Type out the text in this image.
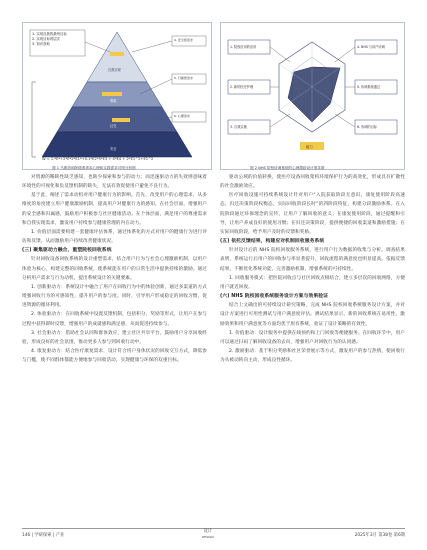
1. 实现自我的最终目标
2. 实现目标的层次
3. 知识获取
4. 安全感需求
5. 归属感需求
6. 心理需求
自我实现
尊重
社交
安全
1. 院校应用的应用
2. 新的医疗护理
3. 自我实施
4. NHS 与用户协调
5. 协调系统通过
6. 协调的目标
能力
W = 1.*E*+2*E*2*E1*+0.1*E2*5*E3 + 4*E4 + 2*E1^2+E1^2
图 1 马斯洛和阿德弗需求心理和实践需求对照分析图	图 2 NHS 院校协调系统的心理激励设计需求图

对资源的稀缺性缺乏感知，也缺少探索和参与的动力；而迅速驱动力的失效则意味着环境性的可视化和负反馈机制的缺失，无法有效促使用户避免不良行为。

基于此，阐述了需求动机对用户健康行为的影响。首先，改变用户的心理需求，从多维度的角度建立用户健康激励机制，提高用户对健康行为的感知。在社会层面，增强用户的安全感和归属感，鼓励用户积极参与社区健康活动。在个体层面，满足用户的尊重需求和自我实现需求，激发用户持续参与健康管理的内在动力。

1. 价值层面需要构建一套健康评估体系，通过体系化的方式对用户的健康行为进行评估和反馈，从而激励用户持续改善健康状况。

(三) 聚集驱动力融合，重塑院校回收系统

针对回收设备回收系统的设计重塑需求，结合用户行为与社会心理激励机制，以用户体验为核心，构建完整的回收系统，使系统能在用户的日常生活中提供持续的激励。通过分析用户需求与行为动机，提出系统设计的关键要素。

1. 创新驱动力：系统设计中融合了用户在回收行为中的体验创新，通过多渠道的方式增强回收行为的可感知性，提升用户的参与度。同时，引导用户形成稳定的回收习惯，促进资源的循环利用。

2. 体验驱动力：在回收系统中设置反馈机制，包括积分、奖励等形式，让用户在参与过程中获得即时反馈，增强用户的成就感和满足感，从而促进持续参与。

3. 社会驱动力：借助社会认同和群体效应，建立社区共享平台，鼓励用户分享回收经验，形成良好的社会氛围，推动更多人参与到回收行动中。

4. 康复驱动力：结合医疗康复需求，设计符合用户身体状况的回收交互方式，降低参与门槛，使不同群体都能方便地参与回收活动，实现健康与环保的双重目标。

驱动公域的价值转换，使医疗设备回收架构环境保护行为的高效化，形成具有扩散性的社会激励效应。

医疗回收设施可持续系统设计针对用户“入院获取阶段无意识，康复使用阶段高速态，归还决策阶段权衡态，实际回收阶段长时”的四阶段特征，构建分段激励体系。在入院阶段通过环保理念的宣传，让用户了解回收的意义；在康复使用阶段，通过提醒和引导，让用户养成良好的使用习惯；在归还决策阶段，提供便捷的回收渠道和激励措施；在实际回收阶段，给予用户及时的反馈和奖励。

(五) 依托反馈结果，构建应对机制回收服务系统

针对设计后的 NHS 院校回收服务系统，进行用户行为数据的收集与分析。调查结果表明，系统运行后用户的回收参与率显著提升，回收流程的满意度也明显提高。依据反馈结果，不断优化系统功能，完善激励机制，增强系统的可持续性。

1. 回收服务模式：把医院回收点与社区回收点相结合，建立多层次的回收网络，方便用户就近回收。

(六) NHS 院校回收系统服务设计方案与效果验证

结合上文确出的可持续设计研究策略，完成 NHS 院校回收系统服务设计方案，并对设计方案进行可用性测试与用户满意度评估。测试结果显示，新的回收系统在易用性、激励效果和用户满意度等方面均优于原有系统，验证了设计策略的有效性。

1. 价值驱动：设计服务中提供在线预约和上门回收等便捷服务。在回收环节中，用户可以通过扫码了解回收设备的去向，增强用户对回收行为的认同感。

2. 激励驱动：基于积分奖励和社区荣誉展示等方式，激发用户的参与热情，使回收行为从被动转向主动，形成良性循环。

146 | 学研探索 | 产业
设计
DESIGN	2025年3月 第38卷 第6期
